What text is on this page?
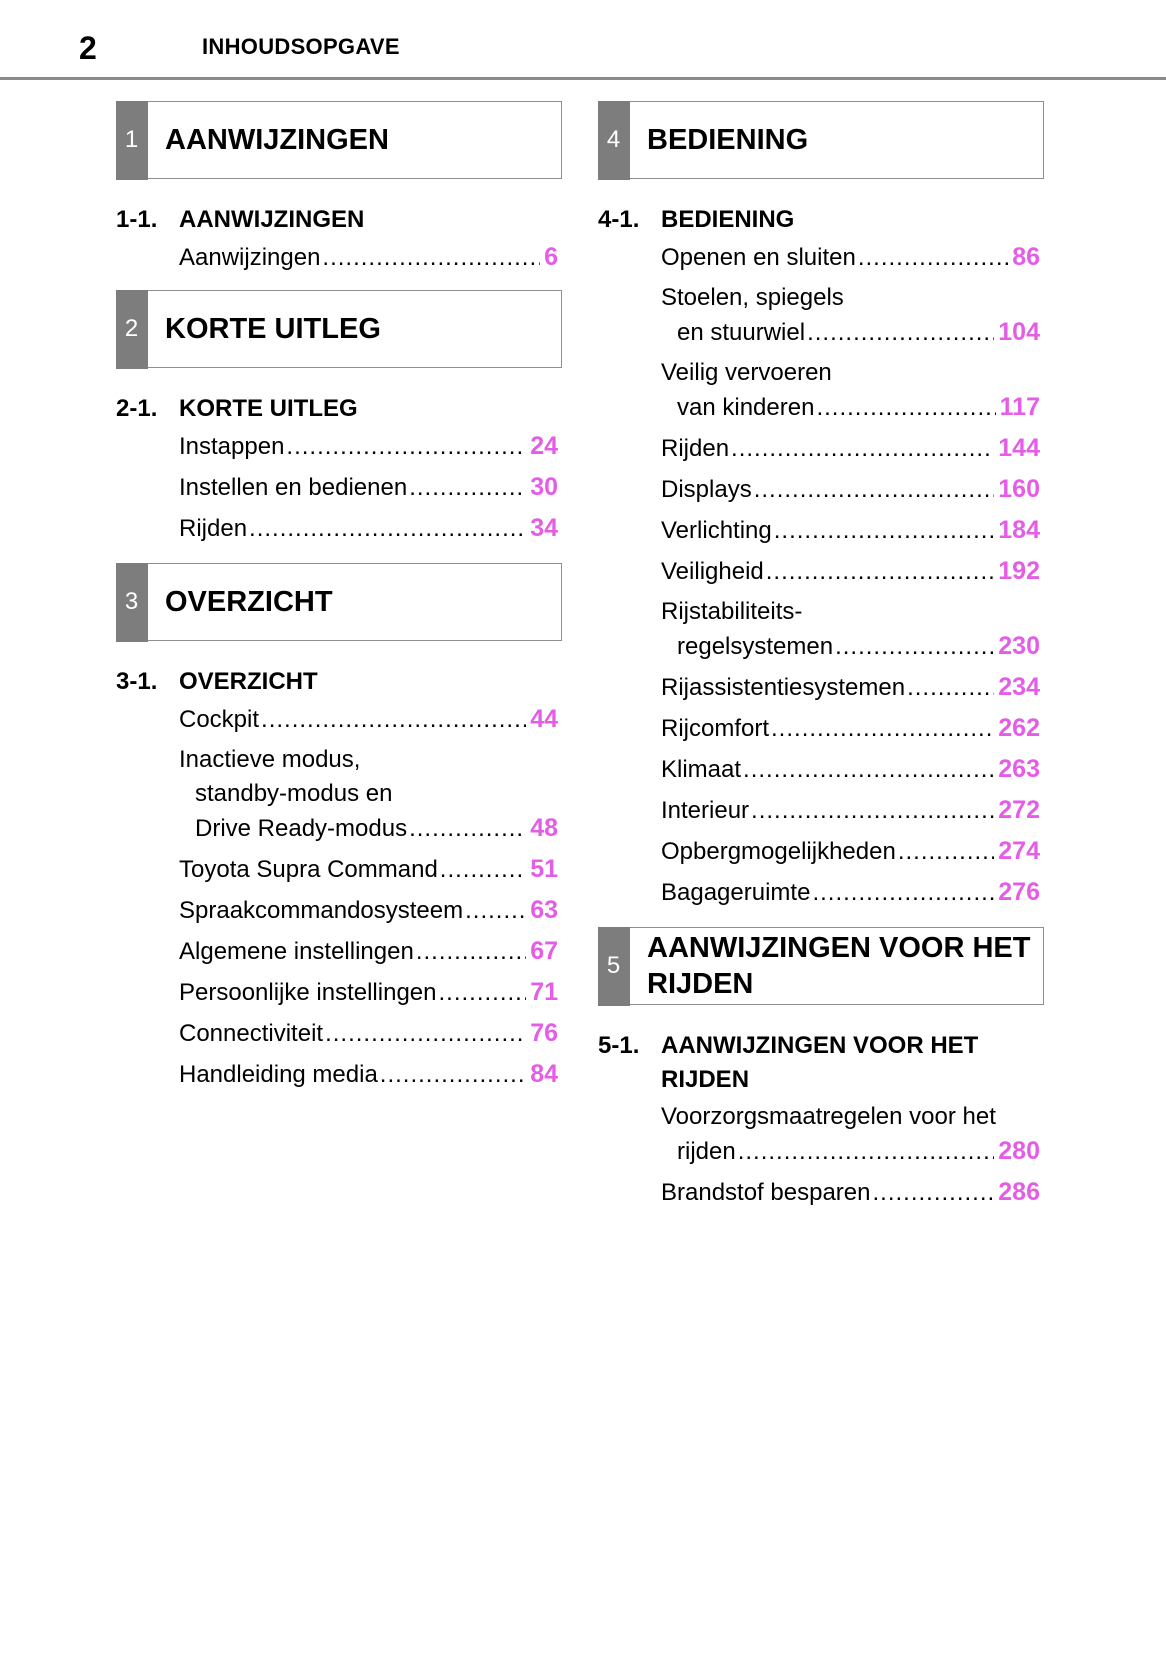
2	INHOUDSOPGAVE
1 AANWIJZINGEN
1-1. AANWIJZINGEN
Aanwijzingen .....	6
2 KORTE UITLEG
2-1. KORTE UITLEG
Instappen .....	24
Instellen en bedienen .....	30
Rijden .....	34
3 OVERZICHT
3-1. OVERZICHT
Cockpit .....	44
Inactieve modus,
standby-modus en
Drive Ready-modus .....	48
Toyota Supra Command .....	51
Spraakcommandosysteem .....	63
Algemene instellingen .....	67
Persoonlijke instellingen .....	71
Connectiviteit .....	76
Handleiding media .....	84
4 BEDIENING
4-1. BEDIENING
Openen en sluiten .....	86
Stoelen, spiegels
en stuurwiel .....	104
Veilig vervoeren
van kinderen .....	117
Rijden .....	144
Displays .....	160
Verlichting .....	184
Veiligheid .....	192
Rijstabiliteits-
regelsystemen .....	230
Rijassistentiesystemen .....	234
Rijcomfort .....	262
Klimaat .....	263
Interieur .....	272
Opbergmogelijkheden .....	274
Bagageruimte .....	276
5
AANWIJZINGEN VOOR HET RIJDEN
5-1. AANWIJZINGEN VOOR HET RIJDEN
Voorzorgsmaatregelen voor het
rijden .....	280
Brandstof besparen .....	286
